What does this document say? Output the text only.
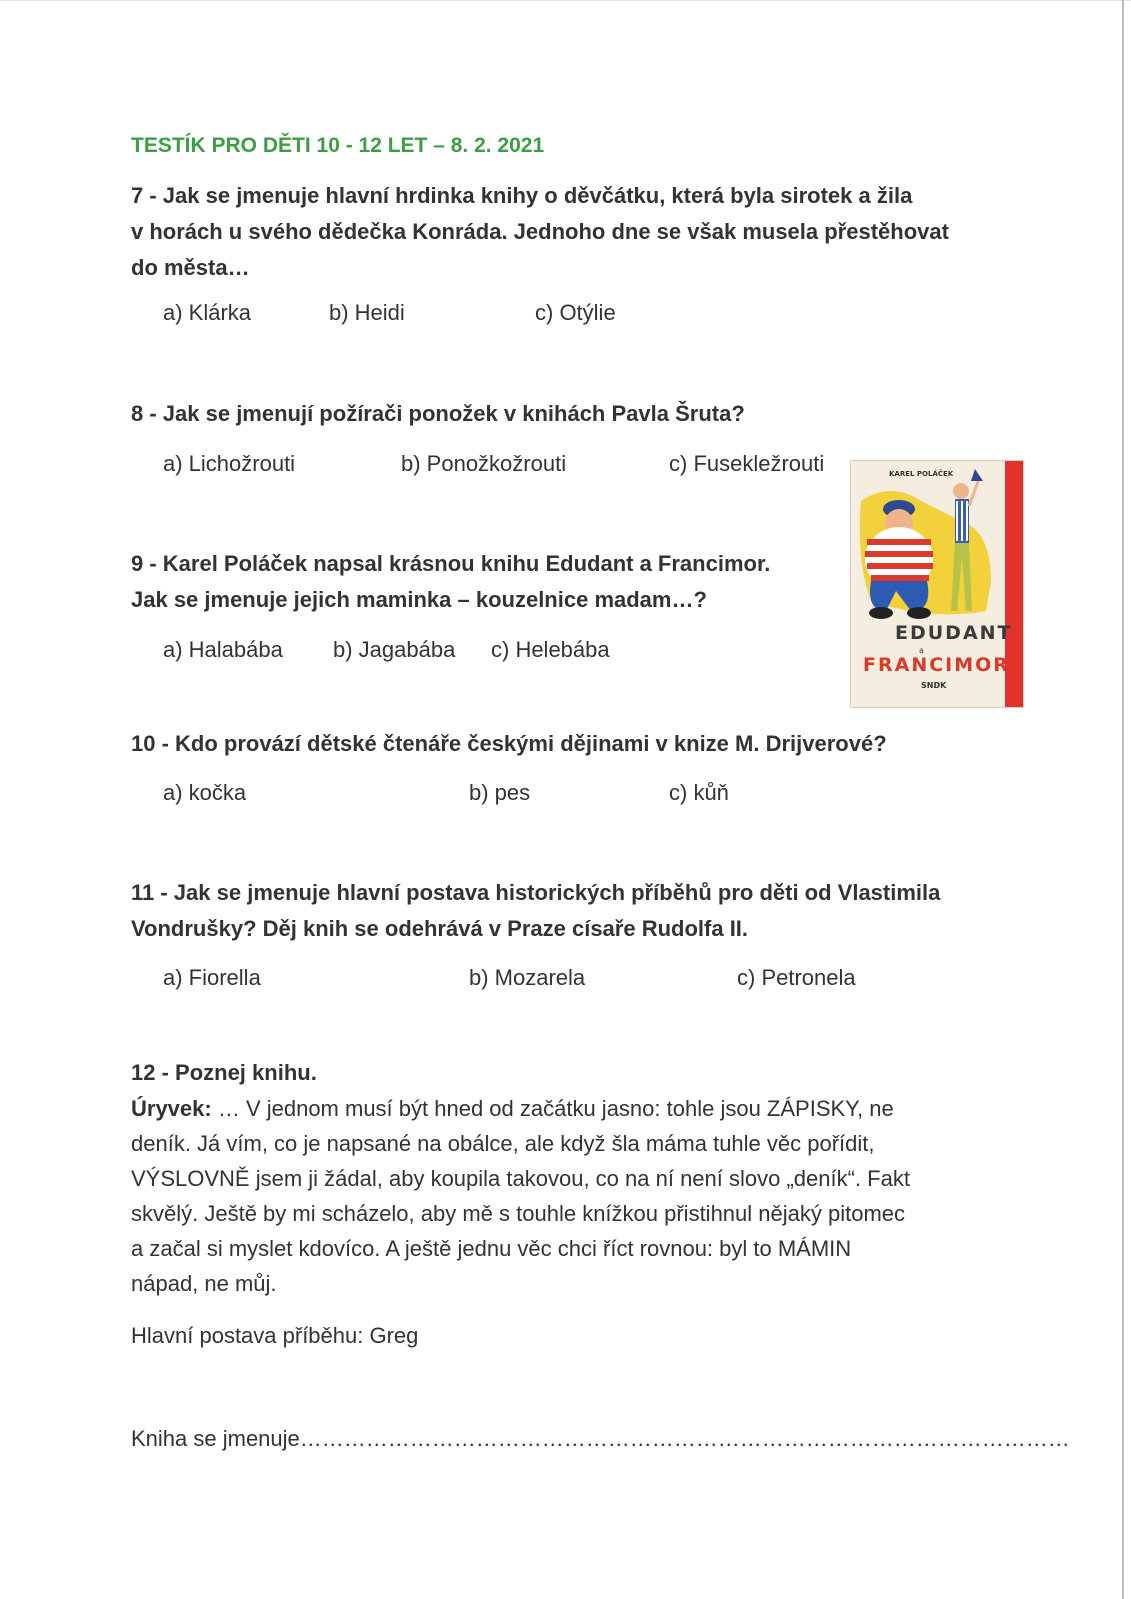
TESTÍK PRO DĚTI 10 - 12 LET – 8. 2. 2021
7 - Jak se jmenuje hlavní hrdinka knihy o děvčátku, která byla sirotek a žila
v horách u svého dědečka Konráda. Jednoho dne se však musela přestěhovat
do města…
a) Klárka	b) Heidi	c) Otýlie
8 - Jak se jmenují požírači ponožek v knihách Pavla Šruta?
a) Lichožrouti	b) Ponožkožrouti	c) Fusekležrouti
9 - Karel Poláček napsal krásnou knihu Edudant a Francimor.
Jak se jmenuje jejich maminka – kouzelnice madam…?
a) Halabába b) Jagabába c) Helebába
KAREL POLÁČEK
EDUDANT
a
FRANCIMOR
SNDK
10 - Kdo provází dětské čtenáře českými dějinami v knize M. Drijverové?
a) kočka	b) pes	c) kůň
11 - Jak se jmenuje hlavní postava historických příběhů pro děti od Vlastimila
Vondrušky? Děj knih se odehrává v Praze císaře Rudolfa II.
a) Fiorella	b) Mozarela	c) Petronela
12 - Poznej knihu.
Úryvek: … V jednom musí být hned od začátku jasno: tohle jsou ZÁPISKY, ne
deník. Já vím, co je napsané na obálce, ale když šla máma tuhle věc pořídit,
VÝSLOVNĚ jsem ji žádal, aby koupila takovou, co na ní není slovo „deník“. Fakt
skvělý. Ještě by mi scházelo, aby mě s touhle knížkou přistihnul nějaký pitomec
a začal si myslet kdovíco. A ještě jednu věc chci říct rovnou: byl to MÁMIN
nápad, ne můj.
Hlavní postava příběhu: Greg
Kniha se jmenuje……………………………………………………………………………………………
